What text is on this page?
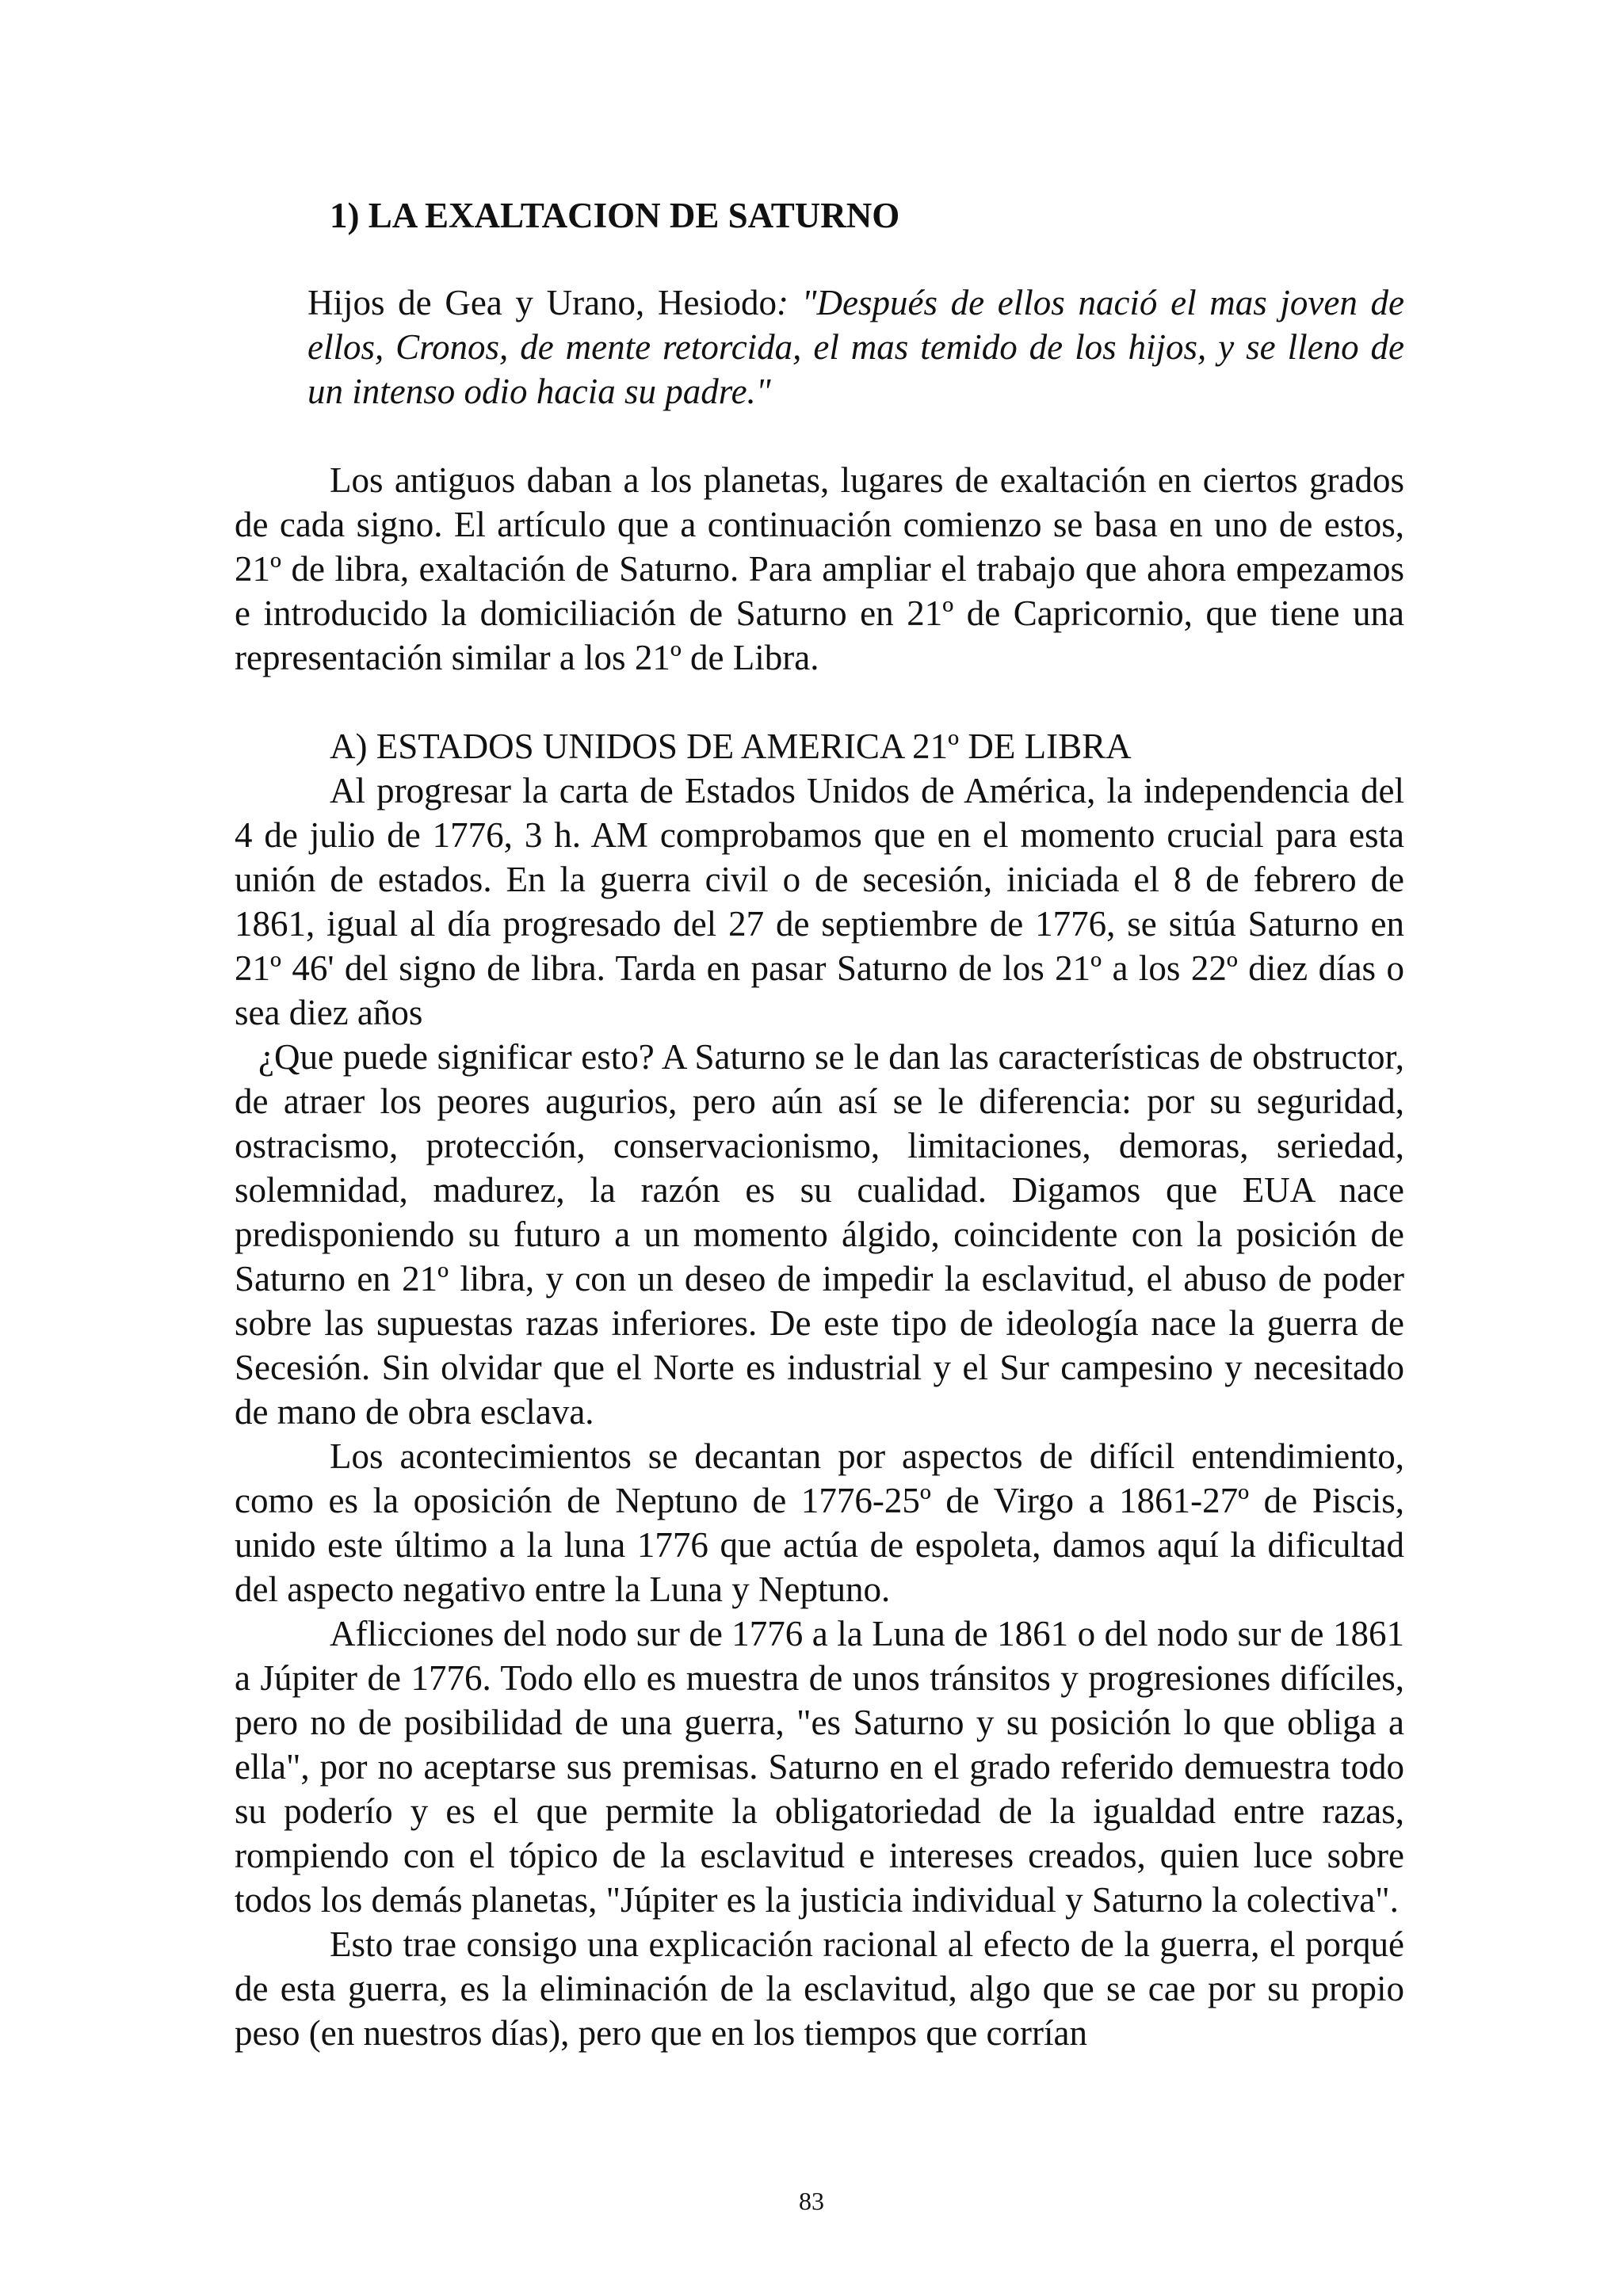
1) LA EXALTACION DE SATURNO

Hijos de Gea y Urano, Hesiodo: "Después de ellos nació el mas joven de ellos, Cronos, de mente retorcida, el mas temido de los hijos, y se lleno de un intenso odio hacia su padre."

Los antiguos daban a los planetas, lugares de exaltación en ciertos grados de cada signo. El artículo que a continuación comienzo se basa en uno de estos, 21º de libra, exaltación de Saturno. Para ampliar el trabajo que ahora empezamos e introducido la domiciliación de Saturno en 21º de Capricornio, que tiene una representación similar a los 21º de Libra.

A) ESTADOS UNIDOS DE AMERICA 21º DE LIBRA

Al progresar la carta de Estados Unidos de América, la independencia del 4 de julio de 1776, 3 h. AM comprobamos que en el momento crucial para esta unión de estados. En la guerra civil o de secesión, iniciada el 8 de febrero de 1861, igual al día progresado del 27 de septiembre de 1776, se sitúa Saturno en 21º 46' del signo de libra. Tarda en pasar Saturno de los 21º a los 22º diez días o sea diez años

¿Que puede significar esto? A Saturno se le dan las características de obstructor, de atraer los peores augurios, pero aún así se le diferencia: por su seguridad, ostracismo, protección, conservacionismo, limitaciones, demoras, seriedad, solemnidad, madurez, la razón es su cualidad. Digamos que EUA nace predisponiendo su futuro a un momento álgido, coincidente con la posición de Saturno en 21º libra, y con un deseo de impedir la esclavitud, el abuso de poder sobre las supuestas razas inferiores. De este tipo de ideología nace la guerra de Secesión. Sin olvidar que el Norte es industrial y el Sur campesino y necesitado de mano de obra esclava.

Los acontecimientos se decantan por aspectos de difícil entendimiento, como es la oposición de Neptuno de 1776-25º de Virgo a 1861-27º de Piscis, unido este último a la luna 1776 que actúa de espoleta, damos aquí la dificultad del aspecto negativo entre la Luna y Neptuno.

Aflicciones del nodo sur de 1776 a la Luna de 1861 o del nodo sur de 1861 a Júpiter de 1776. Todo ello es muestra de unos tránsitos y progresiones difíciles, pero no de posibilidad de una guerra, "es Saturno y su posición lo que obliga a ella", por no aceptarse sus premisas. Saturno en el grado referido demuestra todo su poderío y es el que permite la obligatoriedad de la igualdad entre razas, rompiendo con el tópico de la esclavitud e intereses creados, quien luce sobre todos los demás planetas, "Júpiter es la justicia individual y Saturno la colectiva".

Esto trae consigo una explicación racional al efecto de la guerra, el porqué de esta guerra, es la eliminación de la esclavitud, algo que se cae por su propio peso (en nuestros días), pero que en los tiempos que corrían

83
